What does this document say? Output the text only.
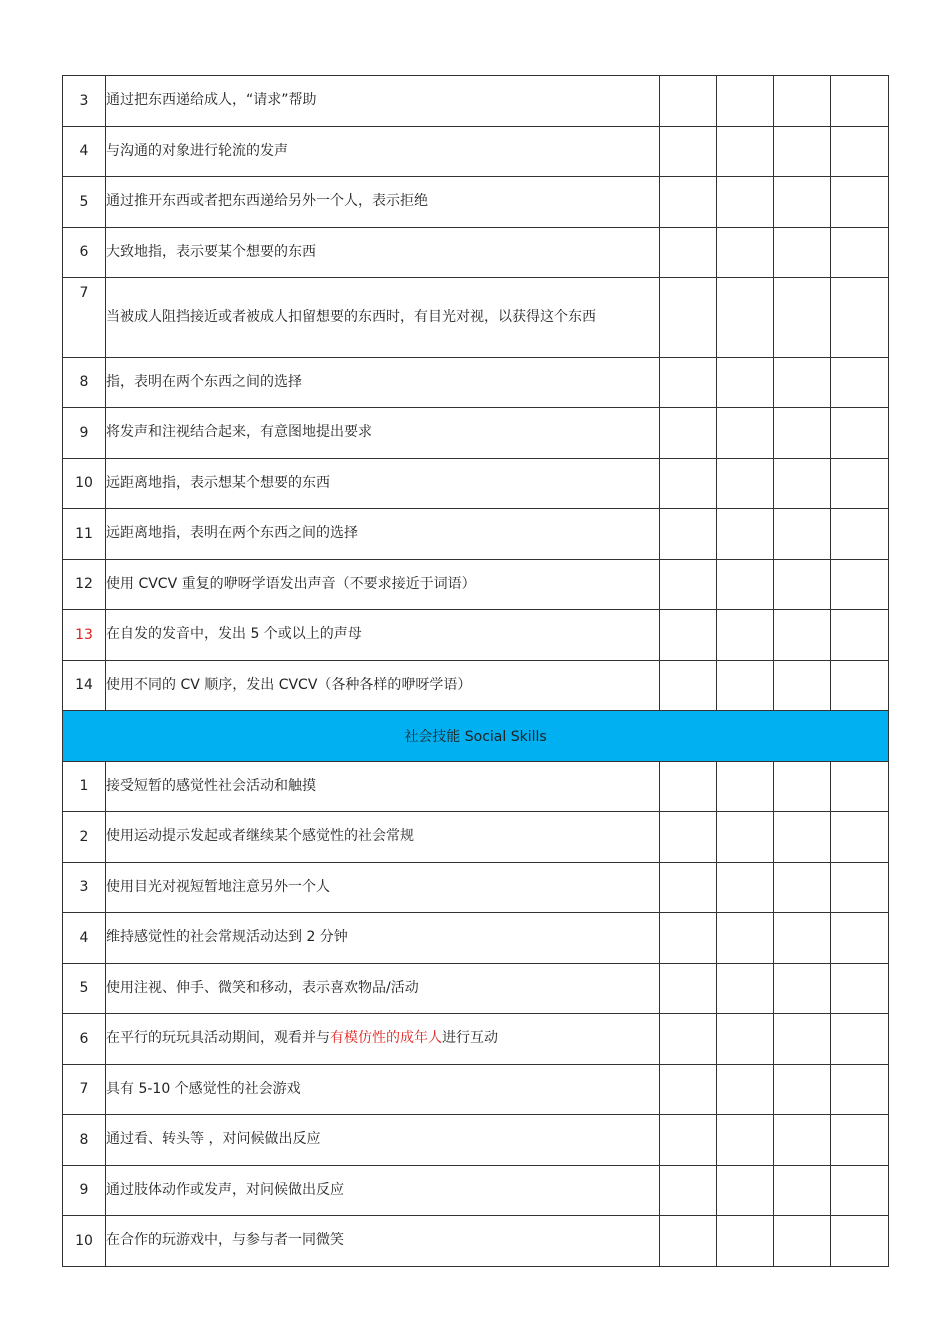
3	通过把东西递给成人，“请求”帮助				
4	与沟通的对象进行轮流的发声				
5	通过推开东西或者把东西递给另外一个人，表示拒绝				
6	大致地指，表示要某个想要的东西				
7	当被成人阻挡接近或者被成人扣留想要的东西时，有目光对视，以获得这个东西				
8	指，表明在两个东西之间的选择				
9	将发声和注视结合起来，有意图地提出要求				
10	远距离地指，表示想某个想要的东西				
11	远距离地指，表明在两个东西之间的选择				
12	使用 CVCV 重复的咿呀学语发出声音（不要求接近于词语）				
13	在自发的发音中，发出 5 个或以上的声母				
14	使用不同的 CV 顺序，发出 CVCV（各种各样的咿呀学语）				
社会技能 Social Skills					
1	接受短暂的感觉性社会活动和触摸				
2	使用运动提示发起或者继续某个感觉性的社会常规				
3	使用目光对视短暂地注意另外一个人				
4	维持感觉性的社会常规活动达到 2 分钟				
5	使用注视、伸手、微笑和移动，表示喜欢物品/活动				
6	在平行的玩玩具活动期间，观看并与有模仿性的成年人进行互动				
7	具有 5-10 个感觉性的社会游戏				
8	通过看、转头等 ，对问候做出反应				
9	通过肢体动作或发声，对问候做出反应				
10	在合作的玩游戏中，与参与者一同微笑				
